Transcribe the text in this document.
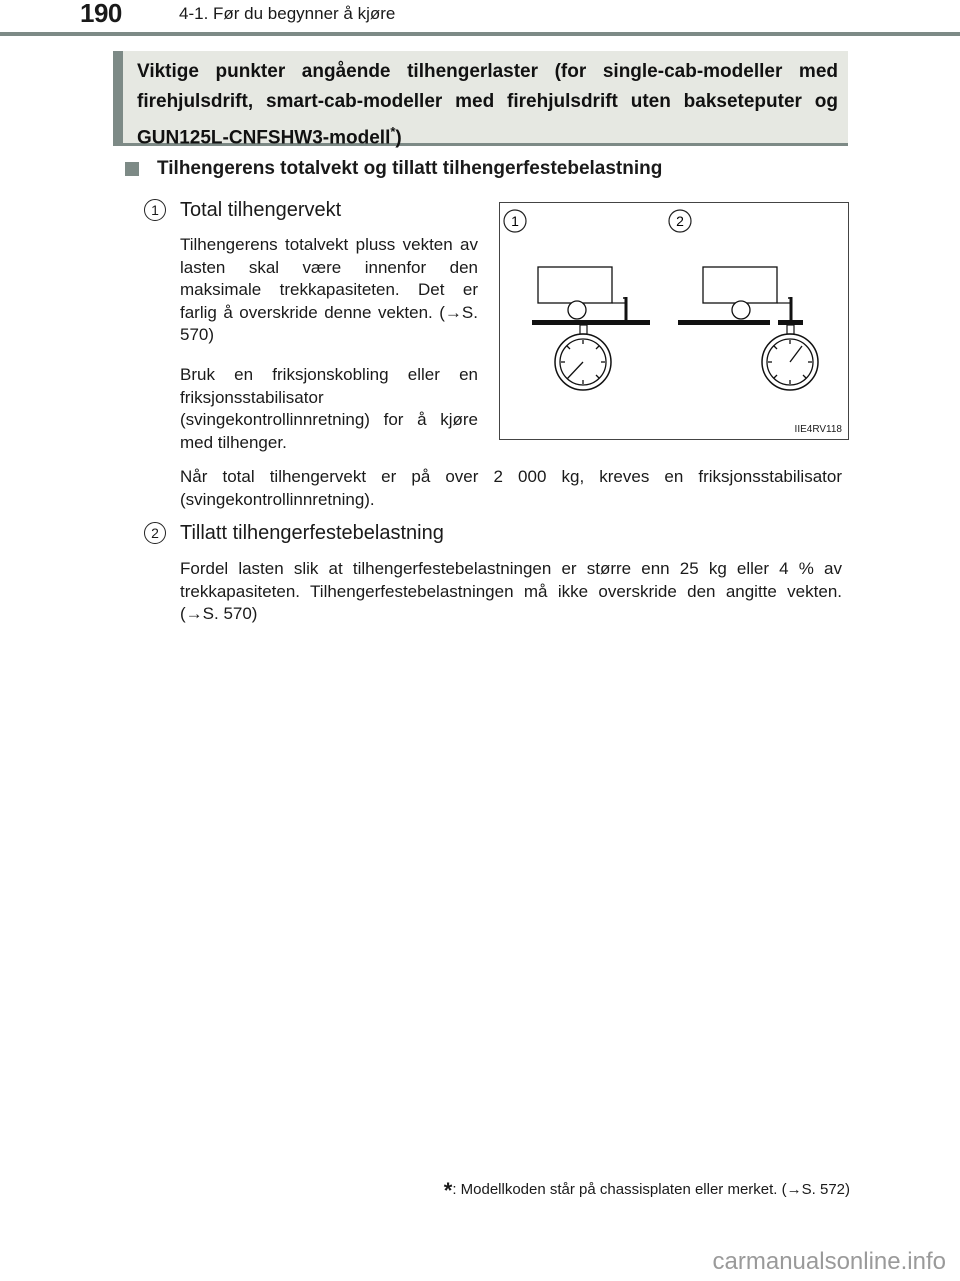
190	4-1. Før du begynner å kjøre
Viktige punkter angående tilhengerlaster (for single-cab-modeller med firehjulsdrift, smart-cab-modeller med firehjulsdrift uten bakseteputer og GUN125L-CNFSHW3-modell*)
Tilhengerens totalvekt og tillatt tilhengerfestebelastning
1	Total tilhengervekt
Tilhengerens totalvekt pluss vekten av lasten skal være innenfor den maksimale trekkapasiteten. Det er farlig å overskride denne vekten. (→S. 570)
Bruk en friksjonskobling eller en friksjonsstabilisator (svingekontrollinnretning) for å kjøre med tilhenger.
Når total tilhengervekt er på over 2 000 kg, kreves en friksjonsstabilisator (svingekontrollinnretning).
2	Tillatt tilhengerfestebelastning
Fordel lasten slik at tilhengerfestebelastningen er større enn 25 kg eller 4 % av trekkapasiteten. Tilhengerfestebelastningen må ikke overskride den angitte vekten. (→S. 570)
1	2
IIE4RV118
*: Modellkoden står på chassisplaten eller merket. (→S. 572)
carmanualsonline.info
